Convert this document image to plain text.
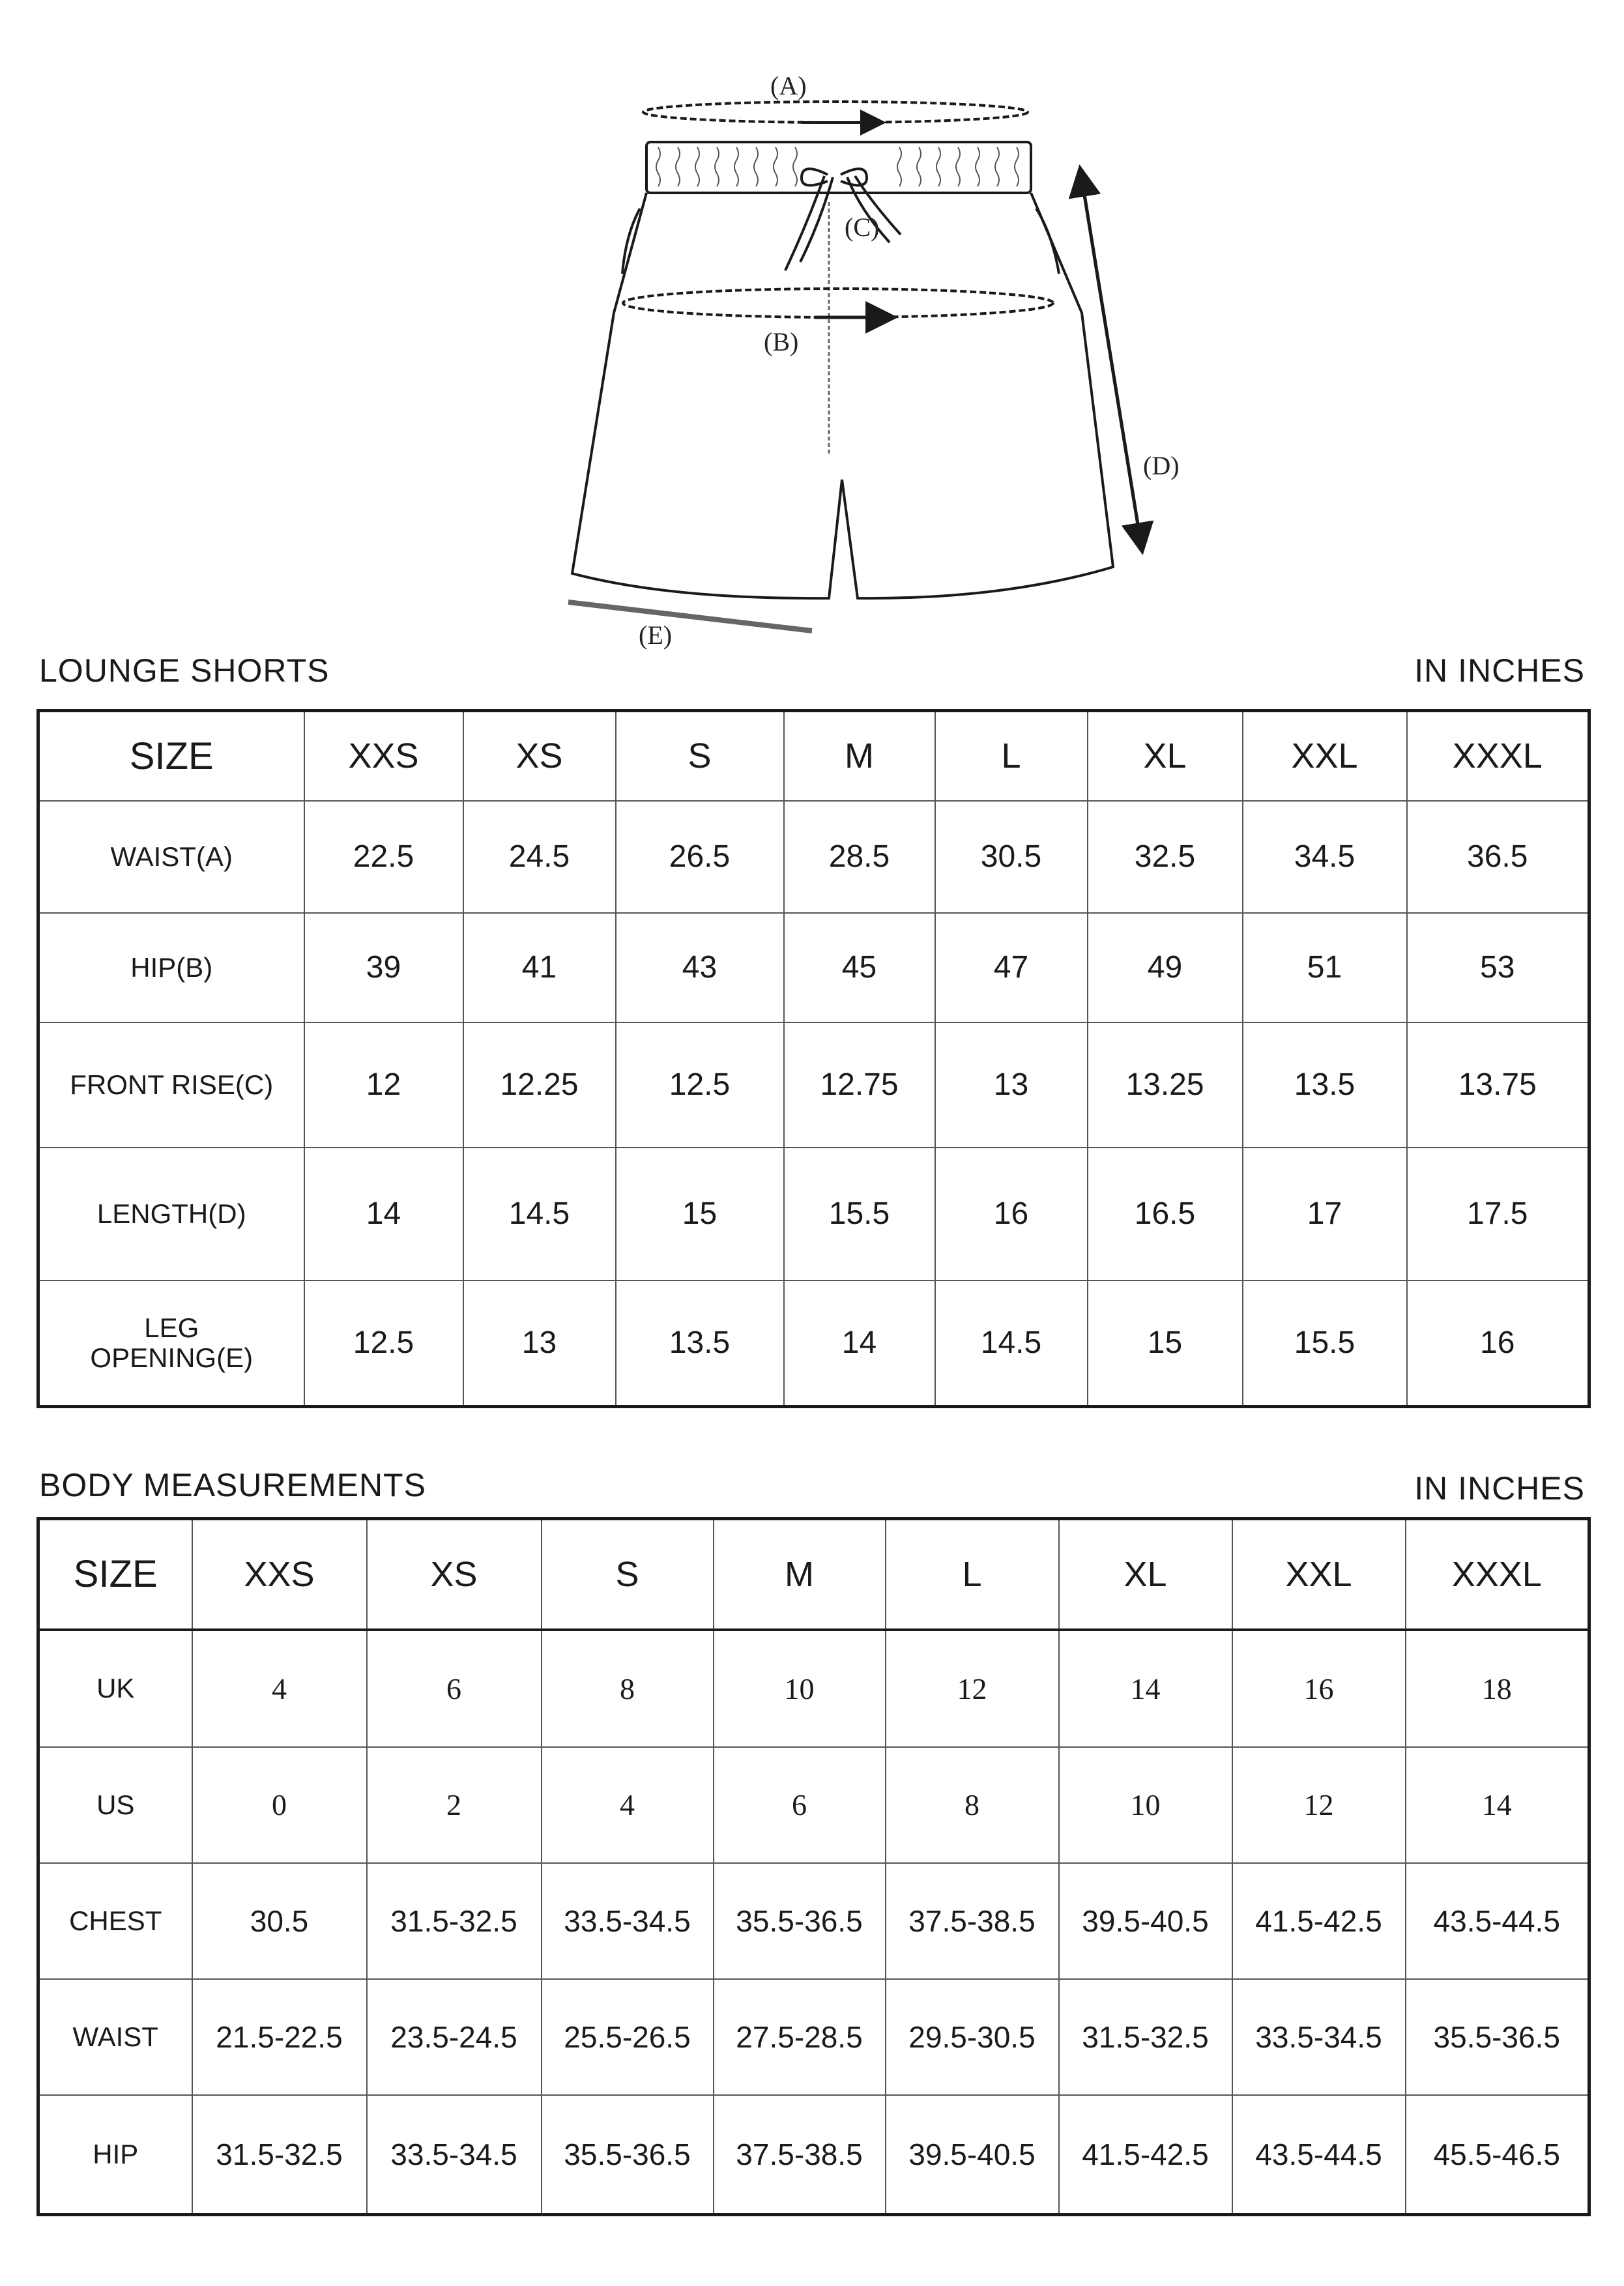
(A)
(C)
(B)
(D)
(E)
LOUNGE SHORTS	IN INCHES
SIZE	XXS	XS	S	M	L	XL	XXL	XXXL
WAIST(A)	22.5	24.5	26.5	28.5	30.5	32.5	34.5	36.5
HIP(B)	39	41	43	45	47	49	51	53
FRONT RISE(C)	12	12.25	12.5	12.75	13	13.25	13.5	13.75
LENGTH(D)	14	14.5	15	15.5	16	16.5	17	17.5
LEG OPENING(E)	12.5	13	13.5	14	14.5	15	15.5	16
BODY MEASUREMENTS	IN INCHES
SIZE	XXS	XS	S	M	L	XL	XXL	XXXL
UK	4	6	8	10	12	14	16	18
US	0	2	4	6	8	10	12	14
CHEST	30.5	31.5-32.5	33.5-34.5	35.5-36.5	37.5-38.5	39.5-40.5	41.5-42.5	43.5-44.5
WAIST	21.5-22.5	23.5-24.5	25.5-26.5	27.5-28.5	29.5-30.5	31.5-32.5	33.5-34.5	35.5-36.5
HIP	31.5-32.5	33.5-34.5	35.5-36.5	37.5-38.5	39.5-40.5	41.5-42.5	43.5-44.5	45.5-46.5
